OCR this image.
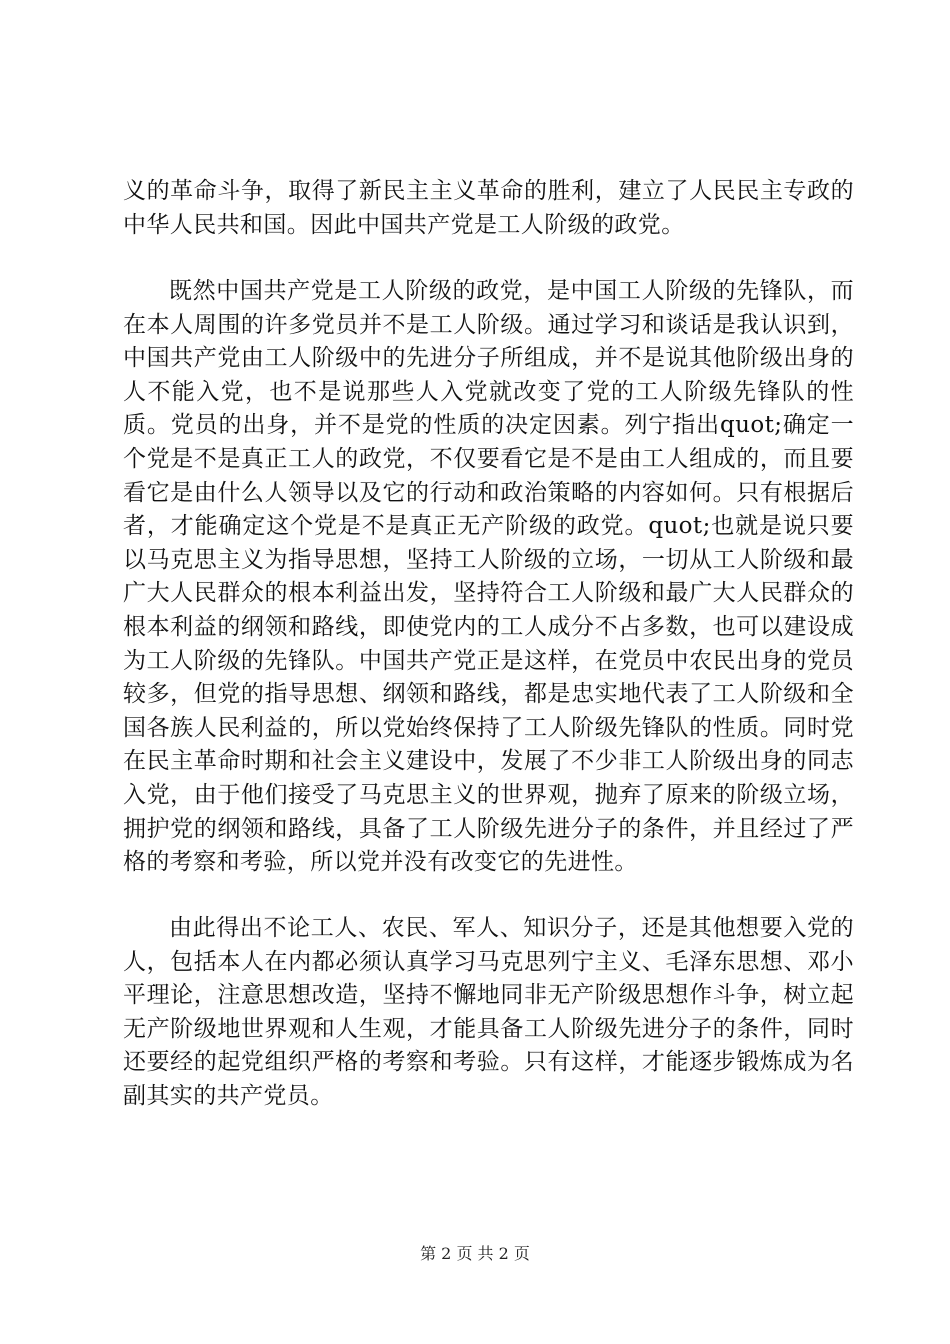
义的革命斗争，取得了新民主主义革命的胜利，建立了人民民主专政的中华人民共和国。因此中国共产党是工人阶级的政党。

既然中国共产党是工人阶级的政党，是中国工人阶级的先锋队，而在本人周围的许多党员并不是工人阶级。通过学习和谈话是我认识到，中国共产党由工人阶级中的先进分子所组成，并不是说其他阶级出身的人不能入党，也不是说那些人入党就改变了党的工人阶级先锋队的性质。党员的出身，并不是党的性质的决定因素。列宁指出quot;确定一个党是不是真正工人的政党，不仅要看它是不是由工人组成的，而且要看它是由什么人领导以及它的行动和政治策略的内容如何。只有根据后者，才能确定这个党是不是真正无产阶级的政党。quot;也就是说只要以马克思主义为指导思想，坚持工人阶级的立场，一切从工人阶级和最广大人民群众的根本利益出发，坚持符合工人阶级和最广大人民群众的根本利益的纲领和路线，即使党内的工人成分不占多数，也可以建设成为工人阶级的先锋队。中国共产党正是这样，在党员中农民出身的党员较多，但党的指导思想、纲领和路线，都是忠实地代表了工人阶级和全国各族人民利益的，所以党始终保持了工人阶级先锋队的性质。同时党在民主革命时期和社会主义建设中，发展了不少非工人阶级出身的同志入党，由于他们接受了马克思主义的世界观，抛弃了原来的阶级立场，拥护党的纲领和路线，具备了工人阶级先进分子的条件，并且经过了严格的考察和考验，所以党并没有改变它的先进性。

由此得出不论工人、农民、军人、知识分子，还是其他想要入党的人，包括本人在内都必须认真学习马克思列宁主义、毛泽东思想、邓小平理论，注意思想改造，坚持不懈地同非无产阶级思想作斗争，树立起无产阶级地世界观和人生观，才能具备工人阶级先进分子的条件，同时还要经的起党组织严格的考察和考验。只有这样，才能逐步锻炼成为名副其实的共产党员。

第 2 页 共 2 页
